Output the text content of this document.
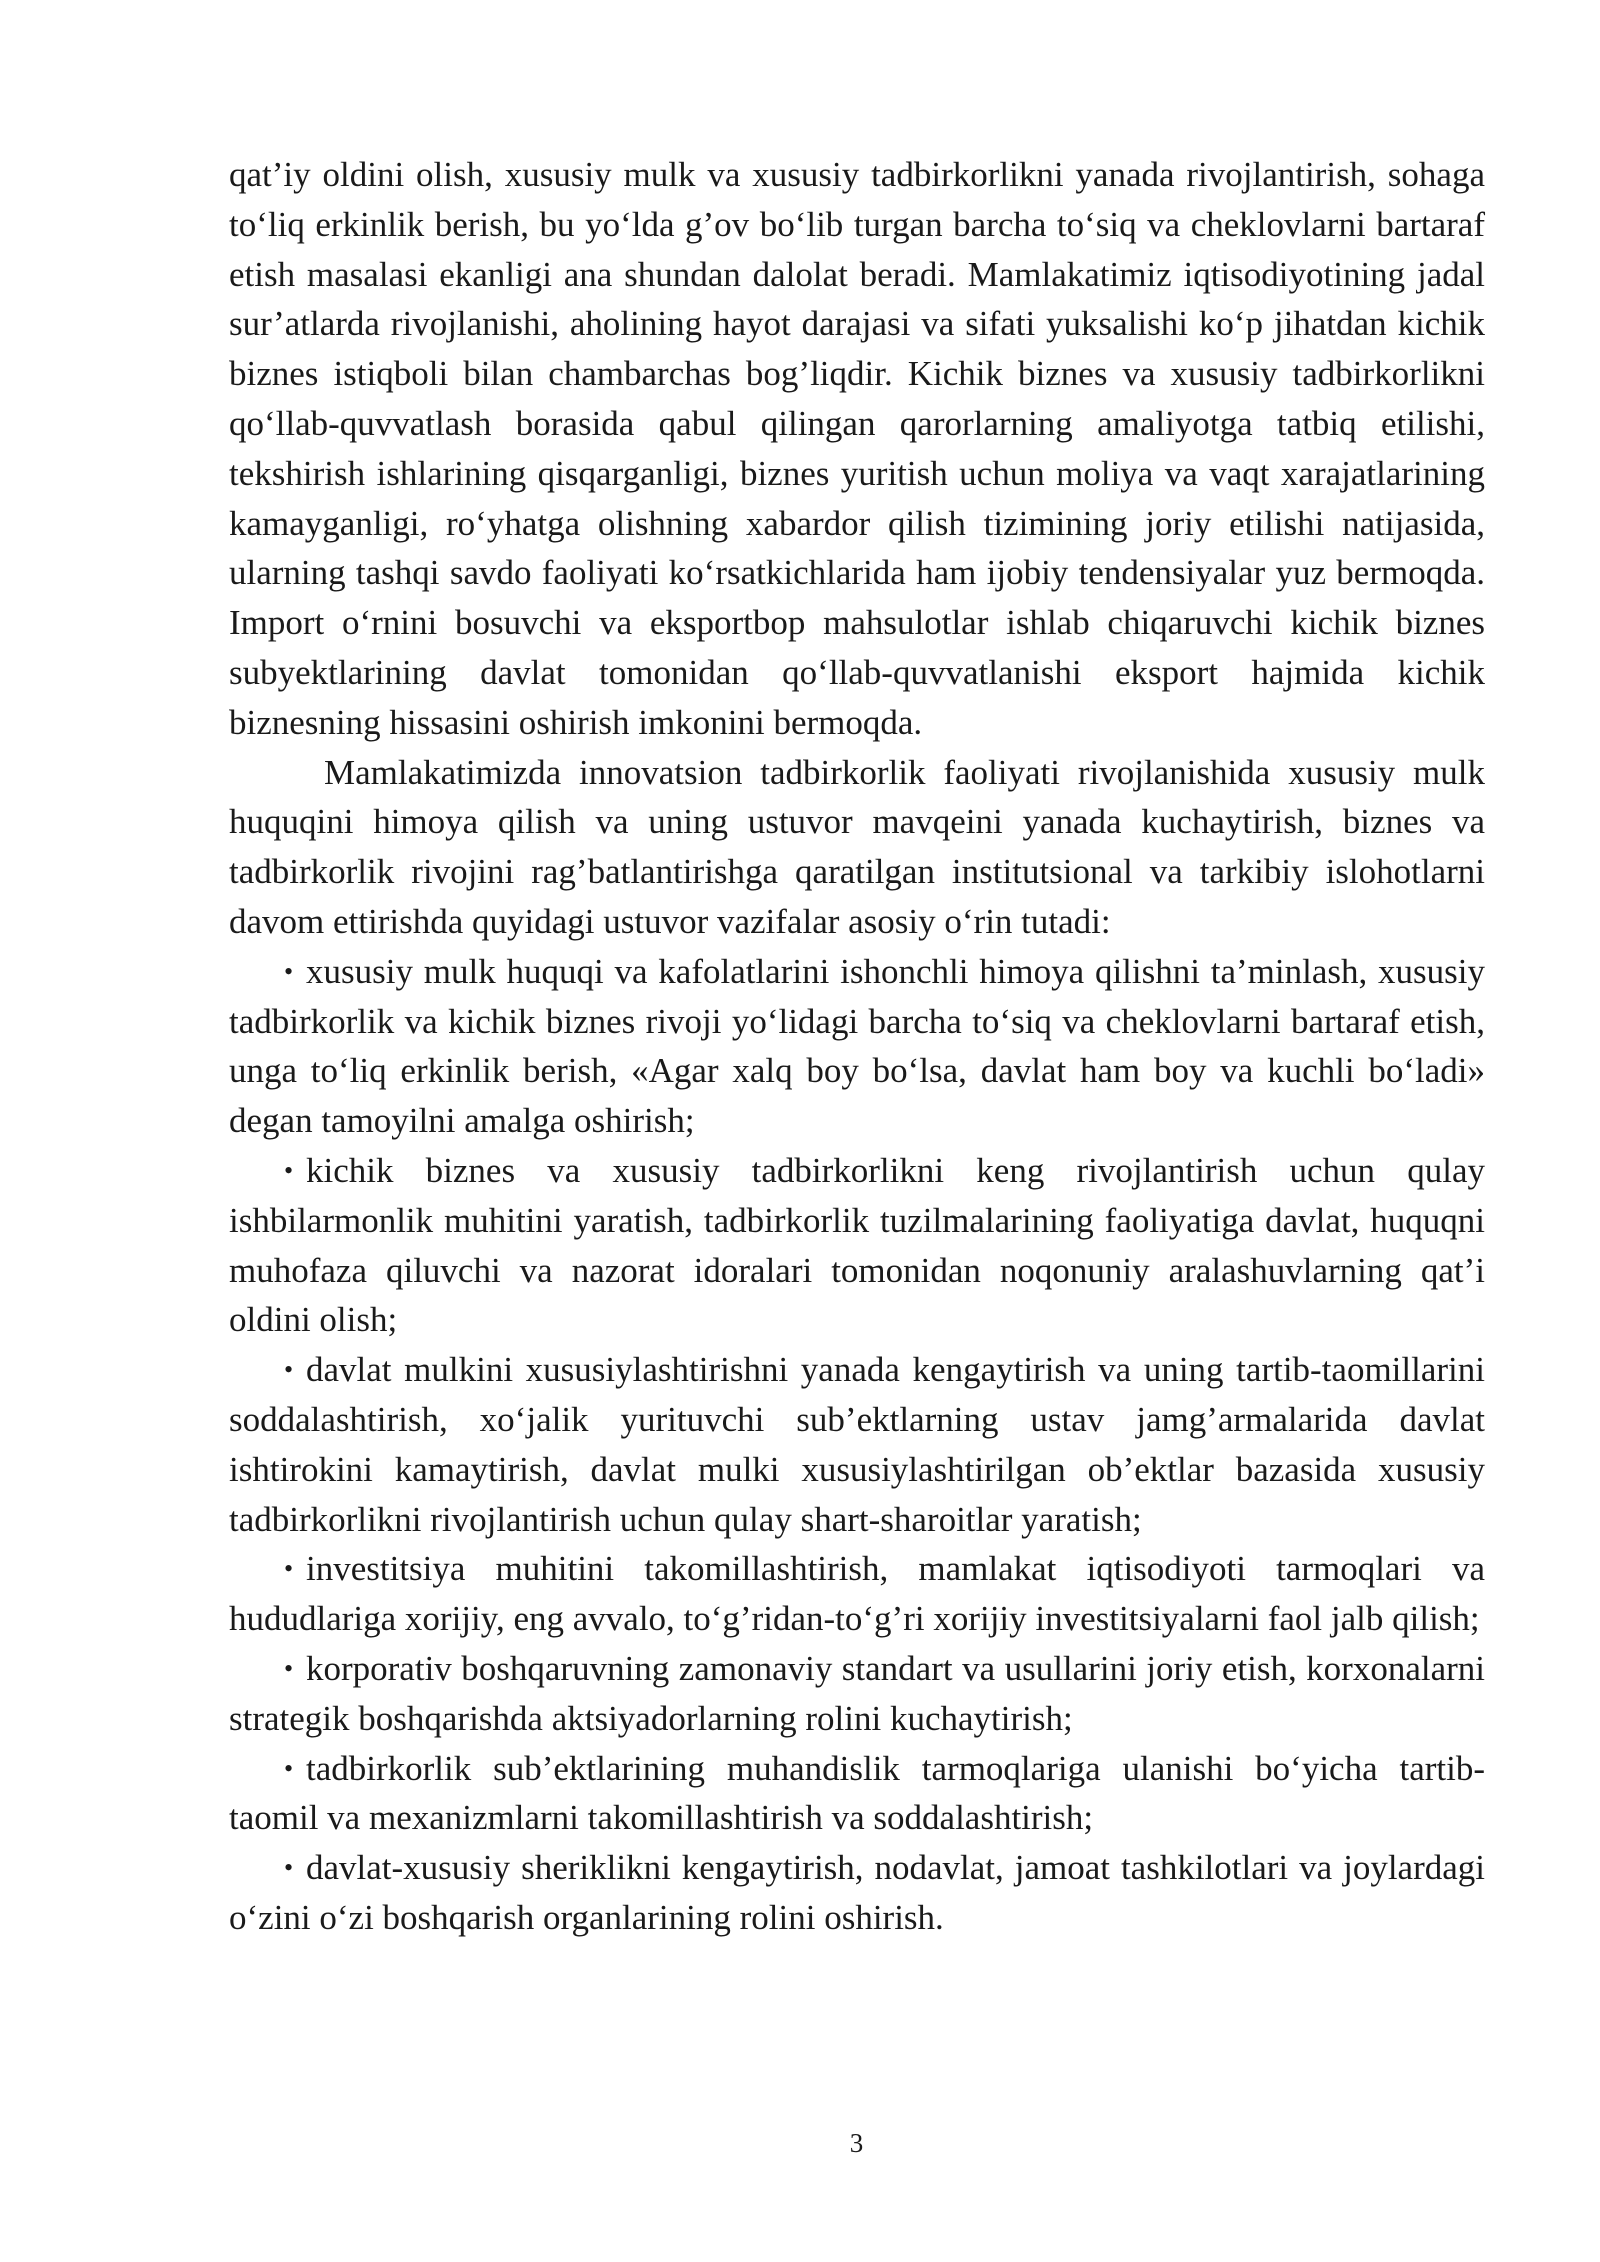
qat’iy oldini olish, xususiy mulk va xususiy tadbirkorlikni yanada rivojlantirish, sohaga to‘liq erkinlik berish, bu yo‘lda g’ov bo‘lib turgan barcha to‘siq va cheklovlarni bartaraf etish masalasi ekanligi ana shundan dalolat beradi. Mamlakatimiz iqtisodiyotining jadal sur’atlarda rivojlanishi, aholining hayot darajasi va sifati yuksalishi ko‘p jihatdan kichik biznes istiqboli bilan chambarchas bog’liqdir. Kichik biznes va xususiy tadbirkorlikni qo‘llab-quvvatlash borasida qabul qilingan qarorlarning amaliyotga tatbiq etilishi, tekshirish ishlarining qisqarganligi, biznes yuritish uchun moliya va vaqt xarajatlarining kamayganligi, ro‘yhatga olishning xabardor qilish tizimining joriy etilishi natijasida, ularning tashqi savdo faoliyati ko‘rsatkichlarida ham ijobiy tendensiyalar yuz bermoqda. Import o‘rnini bosuvchi va eksportbop mahsulotlar ishlab chiqaruvchi kichik biznes subyektlarining davlat tomonidan qo‘llab-quvvatlanishi eksport hajmida kichik biznesning hissasini oshirish imkonini bermoqda.

Mamlakatimizda innovatsion tadbirkorlik faoliyati rivojlanishida xususiy mulk huquqini himoya qilish va uning ustuvor mavqeini yanada kuchaytirish, biznes va tadbirkorlik rivojini rag’batlantirishga qaratilgan institutsional va tarkibiy islohotlarni davom ettirishda quyidagi ustuvor vazifalar asosiy o‘rin tutadi:

• xususiy mulk huquqi va kafolatlarini ishonchli himoya qilishni ta’minlash, xususiy tadbirkorlik va kichik biznes rivoji yo‘lidagi barcha to‘siq va cheklovlarni bartaraf etish, unga to‘liq erkinlik berish, «Agar xalq boy bo‘lsa, davlat ham boy va kuchli bo‘ladi» degan tamoyilni amalga oshirish;

• kichik biznes va xususiy tadbirkorlikni keng rivojlantirish uchun qulay ishbilarmonlik muhitini yaratish, tadbirkorlik tuzilmalarining faoliyatiga davlat, huquqni muhofaza qiluvchi va nazorat idoralari tomonidan noqonuniy aralashuvlarning qat’i oldini olish;

• davlat mulkini xususiylashtirishni yanada kengaytirish va uning tartib-taomillarini soddalashtirish, xo‘jalik yurituvchi sub’ektlarning ustav jamg’armalarida davlat ishtirokini kamaytirish, davlat mulki xususiylashtirilgan ob’ektlar bazasida xususiy tadbirkorlikni rivojlantirish uchun qulay shart-sharoitlar yaratish;

• investitsiya muhitini takomillashtirish, mamlakat iqtisodiyoti tarmoqlari va hududlariga xorijiy, eng avvalo, to‘g’ridan-to‘g’ri xorijiy investitsiyalarni faol jalb qilish;

• korporativ boshqaruvning zamonaviy standart va usullarini joriy etish, korxonalarni strategik boshqarishda aktsiyadorlarning rolini kuchaytirish;

• tadbirkorlik sub’ektlarining muhandislik tarmoqlariga ulanishi bo‘yicha tartib-taomil va mexanizmlarni takomillashtirish va soddalashtirish;

• davlat-xususiy sheriklikni kengaytirish, nodavlat, jamoat tashkilotlari va joylardagi o‘zini o‘zi boshqarish organlarining rolini oshirish.

3
